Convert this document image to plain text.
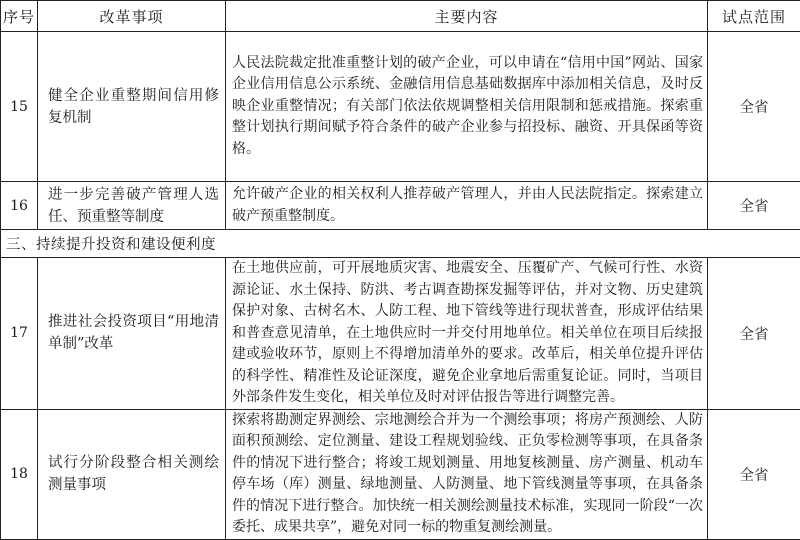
序号	改革事项	主要内容	试点范围
15	健全企业重整期间信用修复机制	人民法院裁定批准重整计划的破产企业，可以申请在“信用中国”网站、国家企业信用信息公示系统、金融信用信息基础数据库中添加相关信息，及时反映企业重整情况；有关部门依法依规调整相关信用限制和惩戒措施。探索重整计划执行期间赋予符合条件的破产企业参与招投标、融资、开具保函等资格。	全省
16	进一步完善破产管理人选任、预重整等制度	允许破产企业的相关权利人推荐破产管理人，并由人民法院指定。探索建立破产预重整制度。	全省
三、持续提升投资和建设便利度			
17	推进社会投资项目“用地清单制”改革	在土地供应前，可开展地质灾害、地震安全、压覆矿产、气候可行性、水资源论证、水土保持、防洪、考古调查勘探发掘等评估，并对文物、历史建筑保护对象、古树名木、人防工程、地下管线等进行现状普查，形成评估结果和普查意见清单，在土地供应时一并交付用地单位。相关单位在项目后续报建或验收环节，原则上不得增加清单外的要求。改革后，相关单位提升评估的科学性、精准性及论证深度，避免企业拿地后需重复论证。同时，当项目外部条件发生变化，相关单位及时对评估报告等进行调整完善。	全省
18	试行分阶段整合相关测绘测量事项	探索将勘测定界测绘、宗地测绘合并为一个测绘事项；将房产预测绘、人防面积预测绘、定位测量、建设工程规划验线、正负零检测等事项，在具备条件的情况下进行整合；将竣工规划测量、用地复核测量、房产测量、机动车停车场（库）测量、绿地测量、人防测量、地下管线测量等事项，在具备条件的情况下进行整合。加快统一相关测绘测量技术标准，实现同一阶段“一次委托、成果共享”，避免对同一标的物重复测绘测量。	全省
